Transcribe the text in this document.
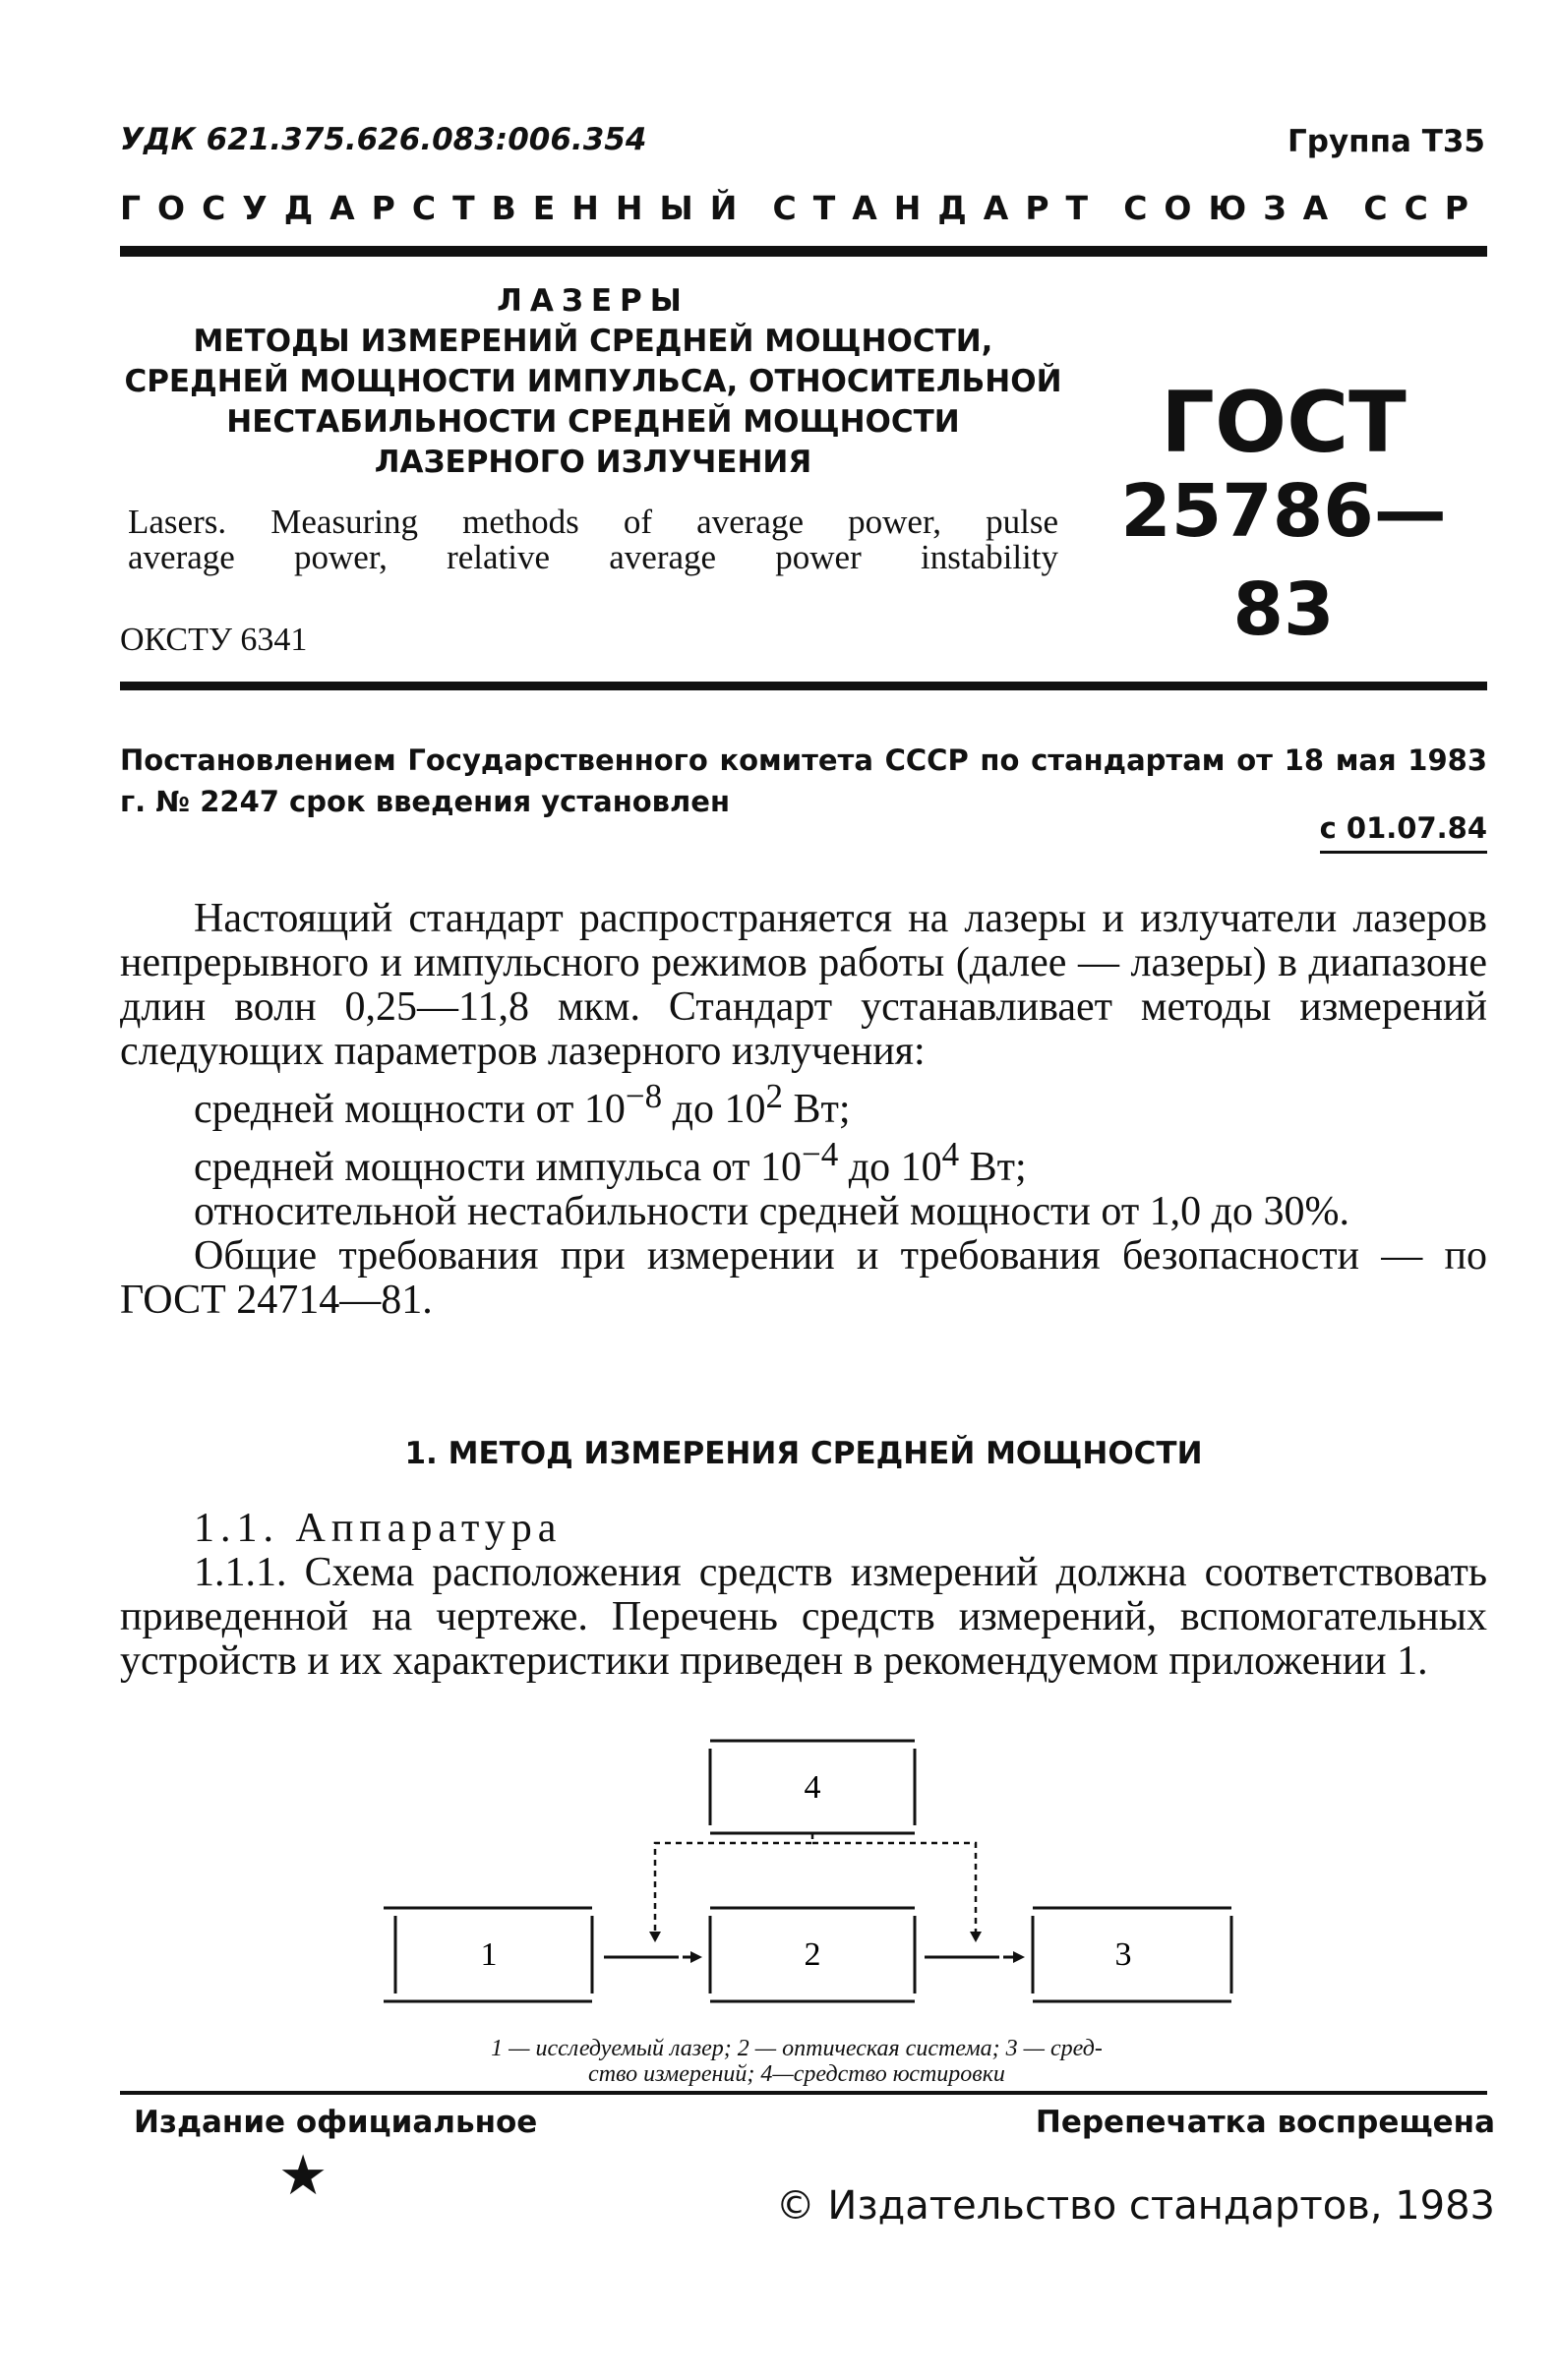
УДК 621.375.626.083:006.354	Группа Т35
ГОСУДАРСТВЕННЫЙ СТАНДАРТ СОЮЗА ССР
ЛАЗЕРЫ
МЕТОДЫ ИЗМЕРЕНИЙ СРЕДНЕЙ МОЩНОСТИ,
СРЕДНЕЙ МОЩНОСТИ ИМПУЛЬСА, ОТНОСИТЕЛЬНОЙ
НЕСТАБИЛЬНОСТИ СРЕДНЕЙ МОЩНОСТИ
ЛАЗЕРНОГО ИЗЛУЧЕНИЯ
Lasers. Measuring methods of average power, pulse
average power, relative average power instability
ГОСТ
25786—83
ОКСТУ 6341
Постановлением Государственного комитета СССР по стандартам от 18 мая 1983 г. № 2247 срок введения установлен
с 01.07.84

Настоящий стандарт распространяется на лазеры и излучатели лазеров непрерывного и импульсного режимов работы (далее — лазеры) в диапазоне длин волн 0,25—11,8 мкм. Стандарт устанавливает методы измерений следующих параметров лазерного излучения:

средней мощности от $10^{-8}$ до $10^2$ Вт;

средней мощности импульса от $10^{-4}$ до $10^4$ Вт;

относительной нестабильности средней мощности от 1,0 до 30%.

Общие требования при измерении и требования безопасности — по ГОСТ 24714—81.

1. МЕТОД ИЗМЕРЕНИЯ СРЕДНЕЙ МОЩНОСТИ

1.1. Аппаратура

1.1.1. Схема расположения средств измерений должна соответствовать приведенной на чертеже. Перечень средств измерений, вспомогательных устройств и их характеристики приведен в рекомендуемом приложении 1.

4
1	2	3
1 — исследуемый лазер; 2 — оптическая система; 3 — сред-
ство измерений; 4—средство юстировки
Издание официальное	Перепечатка воспрещена
★	© Издательство стандартов, 1983
